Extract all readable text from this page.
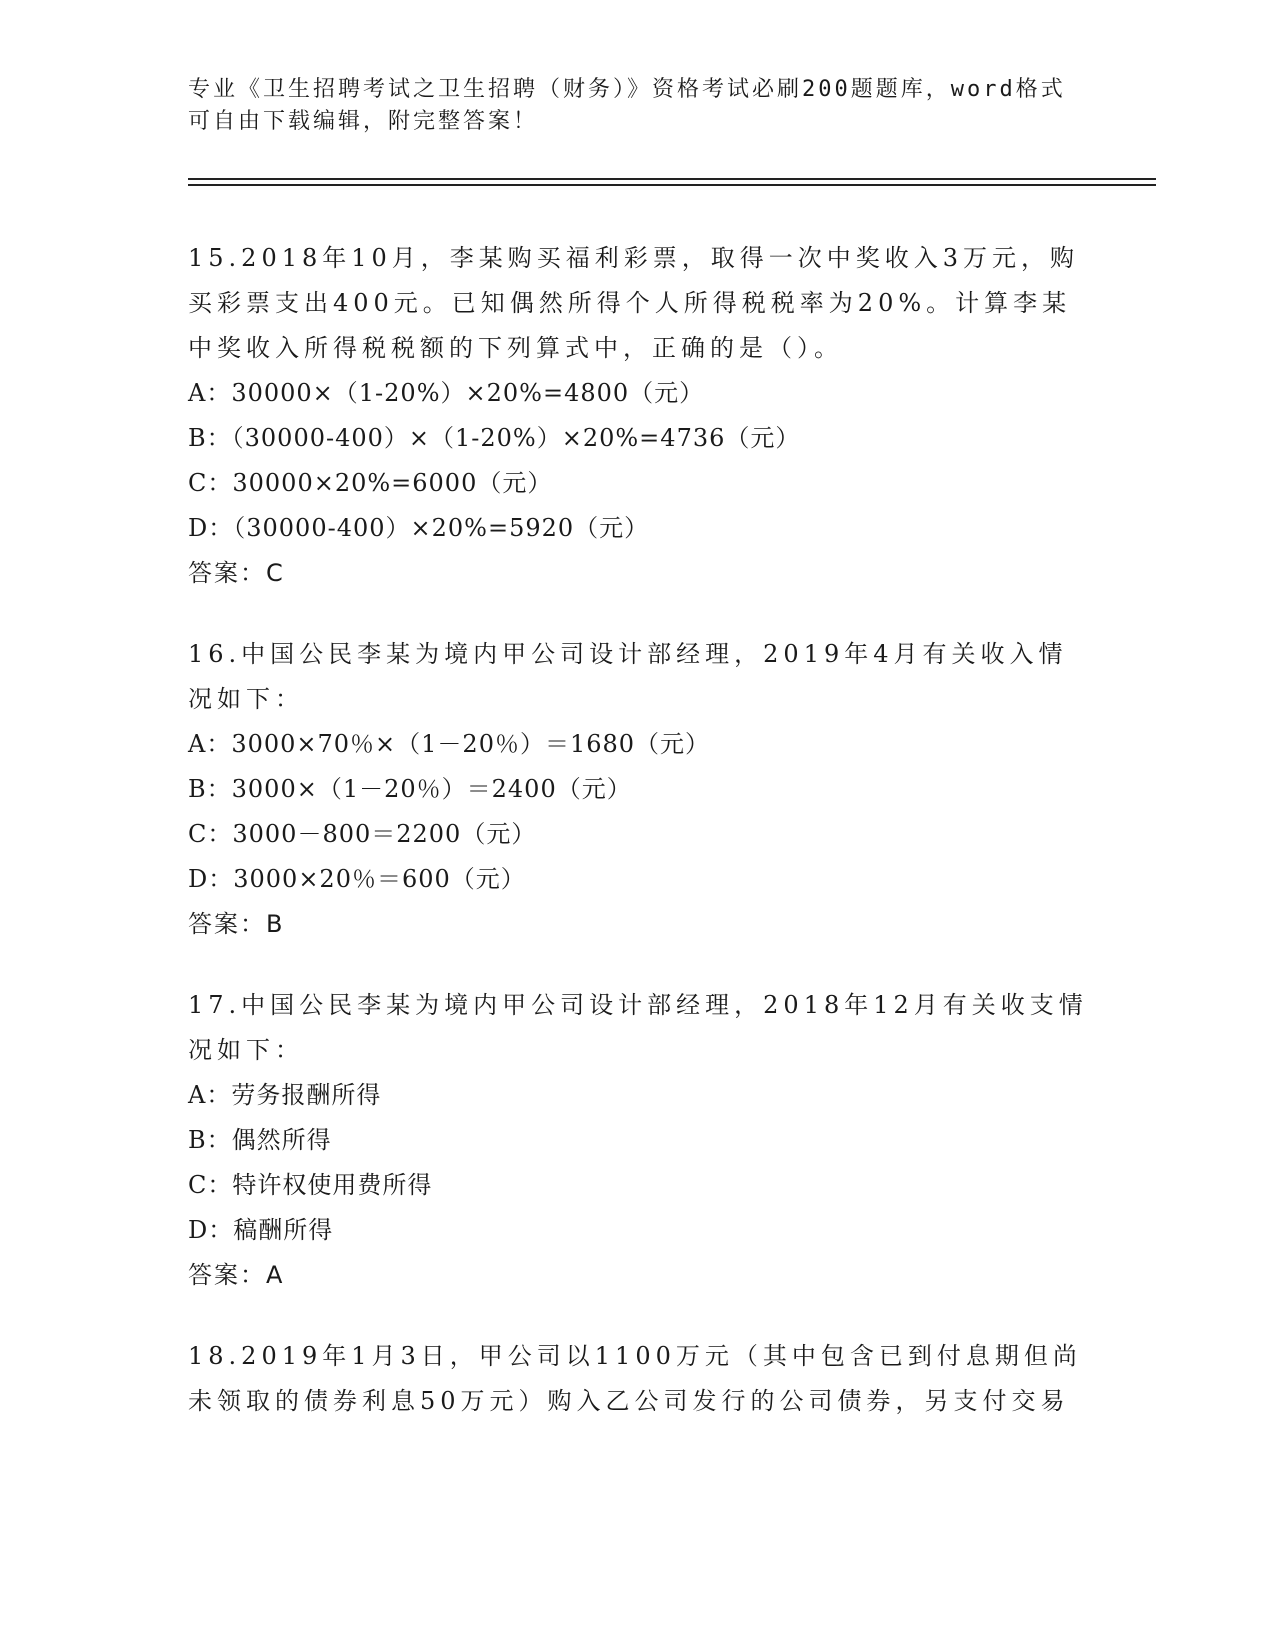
专业《卫生招聘考试之卫生招聘（财务）》资格考试必刷200题题库，word格式
可自由下载编辑，附完整答案！

15.2018年10月，李某购买福利彩票，取得一次中奖收入3万元，购买彩票支出400元。已知偶然所得个人所得税税率为20%。计算李某中奖收入所得税税额的下列算式中，正确的是（）。

A：30000×（1-20%）×20%=4800（元）

B：（30000-400）×（1-20%）×20%=4736（元）

C：30000×20%=6000（元）

D：（30000-400）×20%=5920（元）

答案：C

16.中国公民李某为境内甲公司设计部经理，2019年4月有关收入情况如下：

A：3000×70％×（1－20％）＝1680（元）

B：3000×（1－20％）＝2400（元）

C：3000－800＝2200（元）

D：3000×20％＝600（元）

答案：B

17.中国公民李某为境内甲公司设计部经理，2018年12月有关收支情况如下：

A：劳务报酬所得

B：偶然所得

C：特许权使用费所得

D：稿酬所得

答案：A

18.2019年1月3日，甲公司以1100万元（其中包含已到付息期但尚未领取的债券利息50万元）购入乙公司发行的公司债券，另支付交易
